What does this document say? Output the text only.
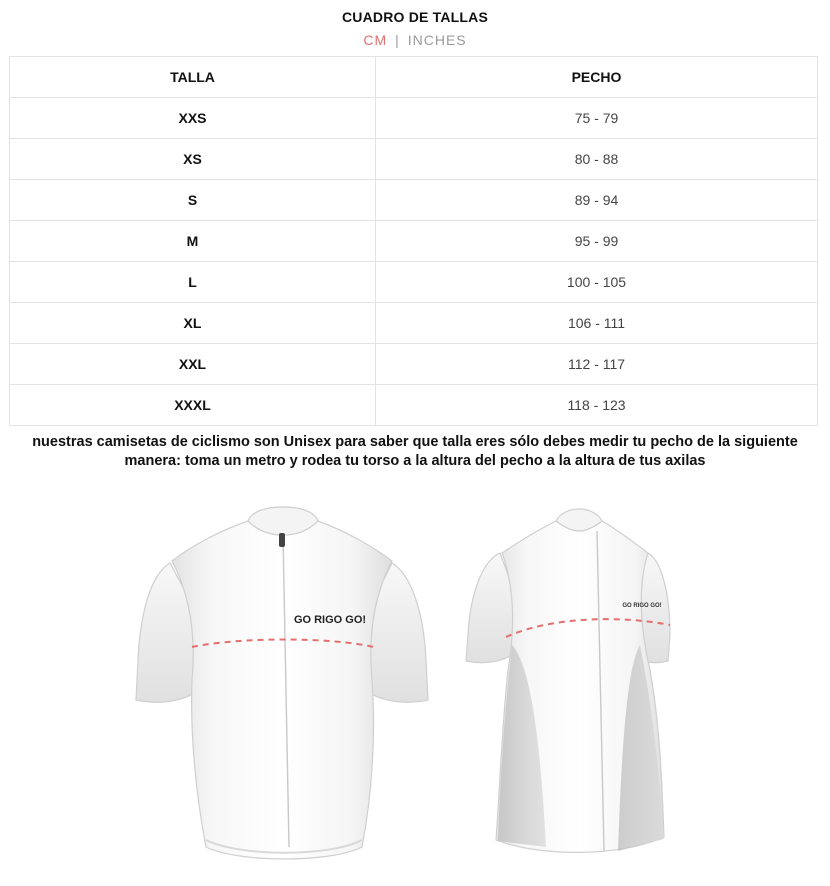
CUADRO DE TALLAS
CM | INCHES
TALLA	PECHO
XXS	75 - 79
XS	80 - 88
S	89 - 94
M	95 - 99
L	100 - 105
XL	106 - 111
XXL	112 - 117
XXXL	118 - 123
nuestras camisetas de ciclismo son Unisex para saber que talla eres sólo debes medir tu pecho de la siguiente manera: toma un metro y rodea tu torso a la altura del pecho a la altura de tus axilas
GO RIGO GO!
GO RIGO GO!
